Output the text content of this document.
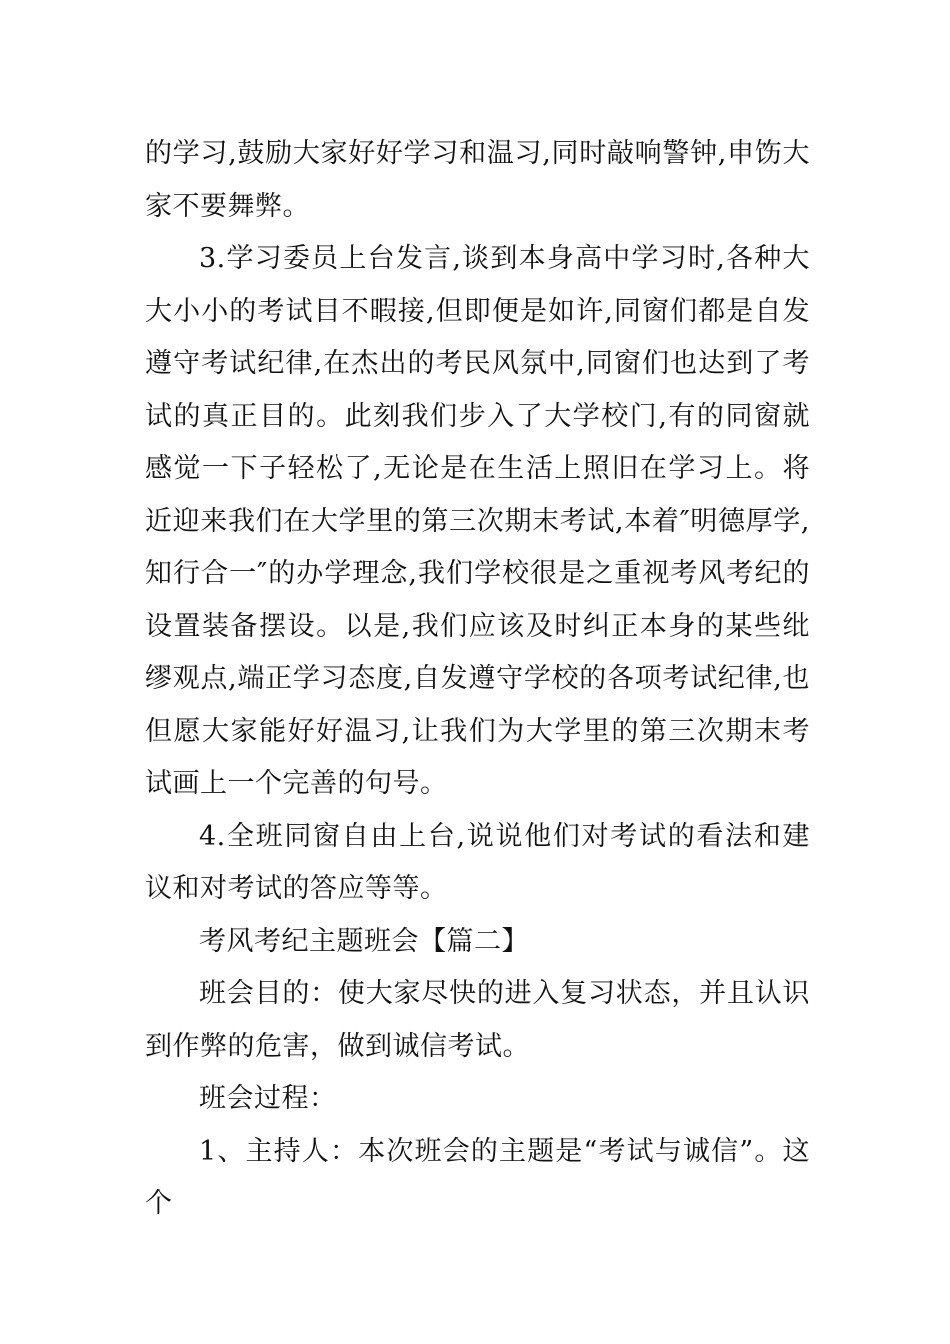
的学习,鼓励大家好好学习和温习,同时敲响警钟,申饬大家不要舞弊。

3.学习委员上台发言,谈到本身高中学习时,各种大大小小的考试目不暇接,但即便是如许,同窗们都是自发遵守考试纪律,在杰出的考民风氛中,同窗们也达到了考试的真正目的。此刻我们步入了大学校门,有的同窗就感觉一下子轻松了,无论是在生活上照旧在学习上。将近迎来我们在大学里的第三次期末考试,本着″明德厚学,知行合一″的办学理念,我们学校很是之重视考风考纪的设置装备摆设。以是,我们应该及时纠正本身的某些纰缪观点,端正学习态度,自发遵守学校的各项考试纪律,也但愿大家能好好温习,让我们为大学里的第三次期末考试画上一个完善的句号。

4.全班同窗自由上台,说说他们对考试的看法和建议和对考试的答应等等。

考风考纪主题班会【篇二】

班会目的：使大家尽快的进入复习状态，并且认识到作弊的危害，做到诚信考试。

班会过程：

1、主持人：本次班会的主题是“考试与诚信”。这个
